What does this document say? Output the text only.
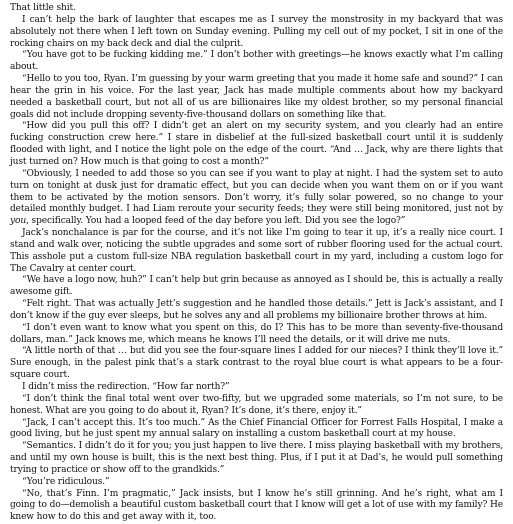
That little shit.

I can’t help the bark of laughter that escapes me as I survey the monstrosity in my backyard that was absolutely not there when I left town on Sunday evening. Pulling my cell out of my pocket, I sit in one of the rocking chairs on my back deck and dial the culprit.

“You have got to be fucking kidding me.” I don’t bother with greetings—he knows exactly what I’m calling about.

“Hello to you too, Ryan. I’m guessing by your warm greeting that you made it home safe and sound?” I can hear the grin in his voice. For the last year, Jack has made multiple comments about how my backyard needed a basketball court, but not all of us are billionaires like my oldest brother, so my personal financial goals did not include dropping seventy-five-thousand dollars on something like that.

“How did you pull this off? I didn’t get an alert on my security system, and you clearly had an entire fucking construction crew here.” I stare in disbelief at the full-sized basketball court until it is suddenly flooded with light, and I notice the light pole on the edge of the court. “And … Jack, why are there lights that just turned on? How much is that going to cost a month?”

“Obviously, I needed to add those so you can see if you want to play at night. I had the system set to auto turn on tonight at dusk just for dramatic effect, but you can decide when you want them on or if you want them to be activated by the motion sensors. Don’t worry, it’s fully solar powered, so no change to your detailed monthly budget. I had Liam reroute your security feeds; they were still being monitored, just not by you, specifically. You had a looped feed of the day before you left. Did you see the logo?”

Jack’s nonchalance is par for the course, and it’s not like I’m going to tear it up, it’s a really nice court. I stand and walk over, noticing the subtle upgrades and some sort of rubber flooring used for the actual court. This asshole put a custom full-size NBA regulation basketball court in my yard, including a custom logo for The Cavalry at center court.

“We have a logo now, huh?” I can’t help but grin because as annoyed as I should be, this is actually a really awesome gift.

“Felt right. That was actually Jett’s suggestion and he handled those details.” Jett is Jack’s assistant, and I don’t know if the guy ever sleeps, but he solves any and all problems my billionaire brother throws at him.

“I don’t even want to know what you spent on this, do I? This has to be more than seventy-five-thousand dollars, man.” Jack knows me, which means he knows I’ll need the details, or it will drive me nuts.

“A little north of that … but did you see the four-square lines I added for our nieces? I think they’ll love it.” Sure enough, in the palest pink that’s a stark contrast to the royal blue court is what appears to be a four-square court.

I didn’t miss the redirection. “How far north?”

“I don’t think the final total went over two-fifty, but we upgraded some materials, so I’m not sure, to be honest. What are you going to do about it, Ryan? It’s done, it’s there, enjoy it.”

“Jack, I can’t accept this. It’s too much.” As the Chief Financial Officer for Forrest Falls Hospital, I make a good living, but he just spent my annual salary on installing a custom basketball court at my house.

“Semantics. I didn’t do it for you; you just happen to live there. I miss playing basketball with my brothers, and until my own house is built, this is the next best thing. Plus, if I put it at Dad’s, he would pull something trying to practice or show off to the grandkids.”

“You’re ridiculous.”

“No, that’s Finn. I’m pragmatic,” Jack insists, but I know he’s still grinning. And he’s right, what am I going to do—demolish a beautiful custom basketball court that I know will get a lot of use with my family? He knew how to do this and get away with it, too.
